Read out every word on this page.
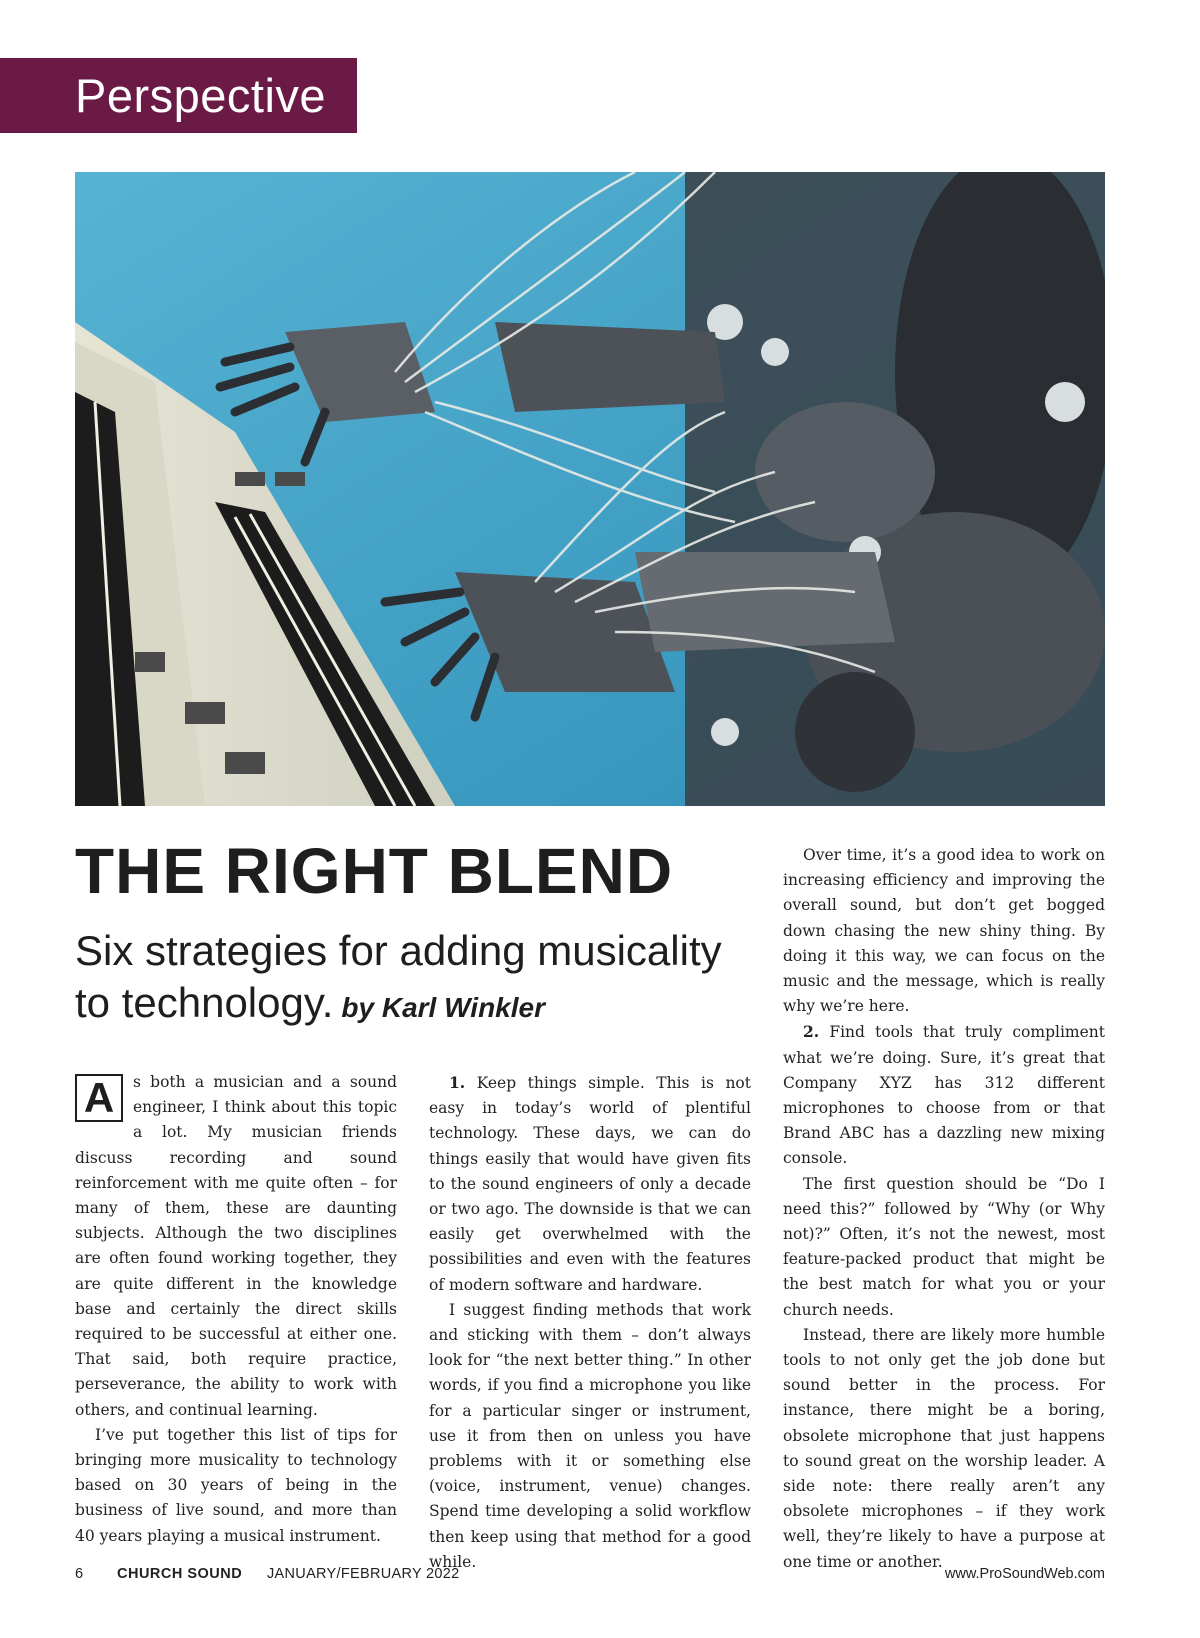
Perspective
THE RIGHT BLEND
Six strategies for adding musicality to technology. by Karl Winkler

A	s both a musician and a sound engineer, I think about this topic a lot. My musician friends discuss recording and sound reinforcement with me quite often – for many of them, these are daunting subjects. Although the two disciplines are often found working together, they are quite different in the knowledge base and certainly the direct skills required to be successful at either one. That said, both require practice, perseverance, the ability to work with others, and continual learning.

I’ve put together this list of tips for bringing more musicality to technology based on 30 years of being in the business of live sound, and more than 40 years playing a musical instrument.

1. Keep things simple. This is not easy in today’s world of plentiful technology. These days, we can do things easily that would have given fits to the sound engineers of only a decade or two ago. The downside is that we can easily get overwhelmed with the possibilities and even with the features of modern software and hardware.

I suggest finding methods that work and sticking with them – don’t always look for “the next better thing.” In other words, if you find a microphone you like for a particular singer or instrument, use it from then on unless you have problems with it or something else (voice, instrument, venue) changes. Spend time developing a solid workflow then keep using that method for a good while.

Over time, it’s a good idea to work on increasing efficiency and improving the overall sound, but don’t get bogged down chasing the new shiny thing. By doing it this way, we can focus on the music and the message, which is really why we’re here.

2. Find tools that truly compliment what we’re doing. Sure, it’s great that Company XYZ has 312 different microphones to choose from or that Brand ABC has a dazzling new mixing console.

The first question should be “Do I need this?” followed by “Why (or Why not)?” Often, it’s not the newest, most feature-packed product that might be the best match for what you or your church needs.

Instead, there are likely more humble tools to not only get the job done but sound better in the process. For instance, there might be a boring, obsolete microphone that just happens to sound great on the worship leader. A side note: there really aren’t any obsolete microphones – if they work well, they’re likely to have a purpose at one time or another.

6 CHURCH SOUND JANUARY/FEBRUARY 2022	www.ProSoundWeb.com
